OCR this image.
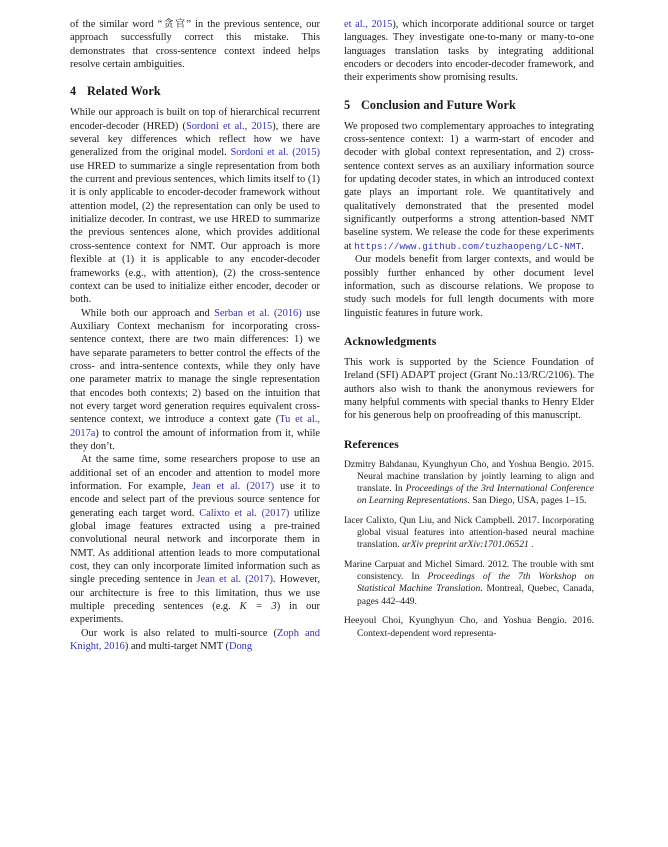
of the similar word “贪官” in the previous sentence, our approach successfully correct this mistake. This demonstrates that cross-sentence context indeed helps resolve certain ambiguities.

4 Related Work

While our approach is built on top of hierarchical recurrent encoder-decoder (HRED) (Sordoni et al., 2015), there are several key differences which reflect how we have generalized from the original model. Sordoni et al. (2015) use HRED to summarize a single representation from both the current and previous sentences, which limits itself to (1) it is only applicable to encoder-decoder framework without attention model, (2) the representation can only be used to initialize decoder. In contrast, we use HRED to summarize the previous sentences alone, which provides additional cross-sentence context for NMT. Our approach is more flexible at (1) it is applicable to any encoder-decoder frameworks (e.g., with attention), (2) the cross-sentence context can be used to initialize either encoder, decoder or both.

While both our approach and Serban et al. (2016) use Auxiliary Context mechanism for incorporating cross-sentence context, there are two main differences: 1) we have separate parameters to better control the effects of the cross- and intra-sentence contexts, while they only have one parameter matrix to manage the single representation that encodes both contexts; 2) based on the intuition that not every target word generation requires equivalent cross-sentence context, we introduce a context gate (Tu et al., 2017a) to control the amount of information from it, while they don’t.

At the same time, some researchers propose to use an additional set of an encoder and attention to model more information. For example, Jean et al. (2017) use it to encode and select part of the previous source sentence for generating each target word. Calixto et al. (2017) utilize global image features extracted using a pre-trained convolutional neural network and incorporate them in NMT. As additional attention leads to more computational cost, they can only incorporate limited information such as single preceding sentence in Jean et al. (2017). However, our architecture is free to this limitation, thus we use multiple preceding sentences (e.g. K = 3) in our experiments.

Our work is also related to multi-source (Zoph and Knight, 2016) and multi-target NMT (Dong

et al., 2015), which incorporate additional source or target languages. They investigate one-to-many or many-to-one languages translation tasks by integrating additional encoders or decoders into encoder-decoder framework, and their experiments show promising results.

5 Conclusion and Future Work

We proposed two complementary approaches to integrating cross-sentence context: 1) a warm-start of encoder and decoder with global context representation, and 2) cross-sentence context serves as an auxiliary information source for updating decoder states, in which an introduced context gate plays an important role. We quantitatively and qualitatively demonstrated that the presented model significantly outperforms a strong attention-based NMT baseline system. We release the code for these experiments at https://www.github.com/tuzhaopeng/LC-NMT.

Our models benefit from larger contexts, and would be possibly further enhanced by other document level information, such as discourse relations. We propose to study such models for full length documents with more linguistic features in future work.

Acknowledgments

This work is supported by the Science Foundation of Ireland (SFI) ADAPT project (Grant No.:13/RC/2106). The authors also wish to thank the anonymous reviewers for many helpful comments with special thanks to Henry Elder for his generous help on proofreading of this manuscript.

References

Dzmitry Bahdanau, Kyunghyun Cho, and Yoshua Bengio. 2015. Neural machine translation by jointly learning to align and translate. In Proceedings of the 3rd International Conference on Learning Representations. San Diego, USA, pages 1–15.

Iacer Calixto, Qun Liu, and Nick Campbell. 2017. Incorporating global visual features into attention-based neural machine translation. arXiv preprint arXiv:1701.06521 .

Marine Carpuat and Michel Simard. 2012. The trouble with smt consistency. In Proceedings of the 7th Workshop on Statistical Machine Translation. Montreal, Quebec, Canada, pages 442–449.

Heeyoul Choi, Kyunghyun Cho, and Yoshua Bengio. 2016. Context-dependent word representa-
